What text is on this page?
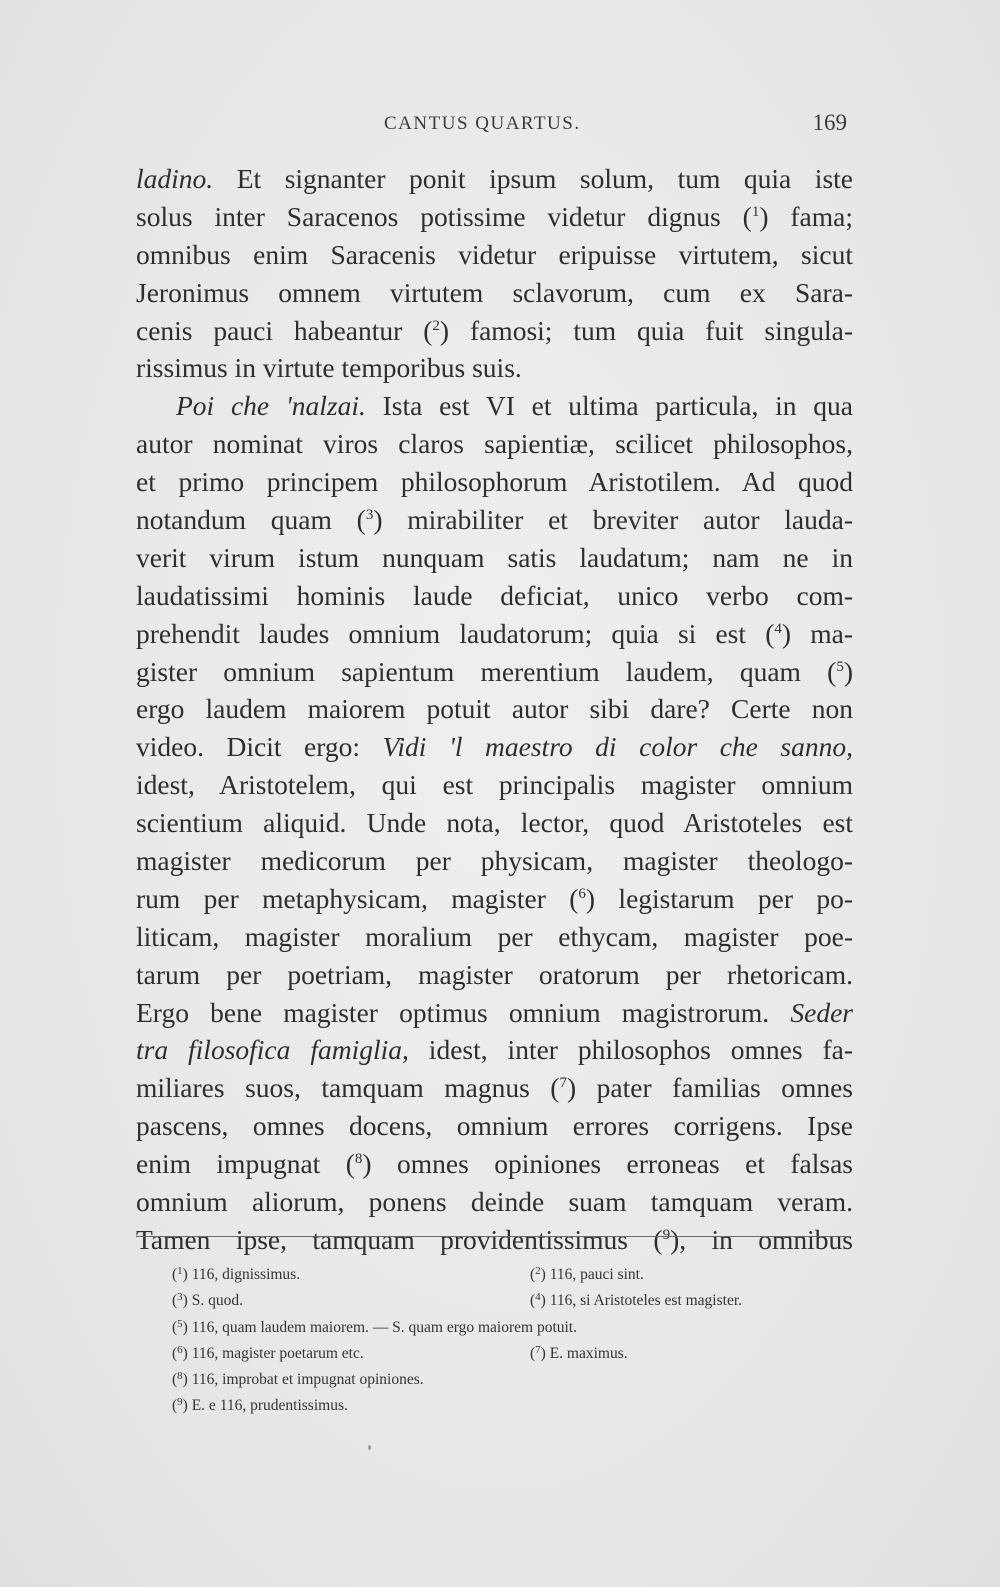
CANTUS QUARTUS.	169
ladino. Et signanter ponit ipsum solum, tum quia iste
solus inter Saracenos potissime videtur dignus ($^1$) fama;
omnibus enim Saracenis videtur eripuisse virtutem, sicut
Jeronimus omnem virtutem sclavorum, cum ex Sara-
cenis pauci habeantur ($^2$) famosi; tum quia fuit singula-
rissimus in virtute temporibus suis.
Poi che 'nalzai. Ista est VI et ultima particula, in qua
autor nominat viros claros sapientiæ, scilicet philosophos,
et primo principem philosophorum Aristotilem. Ad quod
notandum quam ($^3$) mirabiliter et breviter autor lauda-
verit virum istum nunquam satis laudatum; nam ne in
laudatissimi hominis laude deficiat, unico verbo com-
prehendit laudes omnium laudatorum; quia si est ($^4$) ma-
gister omnium sapientum merentium laudem, quam ($^5$)
ergo laudem maiorem potuit autor sibi dare? Certe non
video. Dicit ergo: Vidi 'l maestro di color che sanno,
idest, Aristotelem, qui est principalis magister omnium
scientium aliquid. Unde nota, lector, quod Aristoteles est
magister medicorum per physicam, magister theologo-
rum per metaphysicam, magister ($^6$) legistarum per po-
liticam, magister moralium per ethycam, magister poe-
tarum per poetriam, magister oratorum per rhetoricam.
Ergo bene magister optimus omnium magistrorum. Seder
tra filosofica famiglia, idest, inter philosophos omnes fa-
miliares suos, tamquam magnus ($^7$) pater familias omnes
pascens, omnes docens, omnium errores corrigens. Ipse
enim impugnat ($^8$) omnes opiniones erroneas et falsas
omnium aliorum, ponens deinde suam tamquam veram.
Tamen ipse, tamquam providentissimus ($^9$), in omnibus
($^1$) 116, dignissimus.	($^2$) 116, pauci sint.
($^3$) S. quod.	($^4$) 116, si Aristoteles est magister.
($^5$) 116, quam laudem maiorem. — S. quam ergo maiorem potuit.
($^6$) 116, magister poetarum etc.	($^7$) E. maximus.
($^8$) 116, improbat et impugnat opiniones.
($^9$) E. e 116, prudentissimus.
